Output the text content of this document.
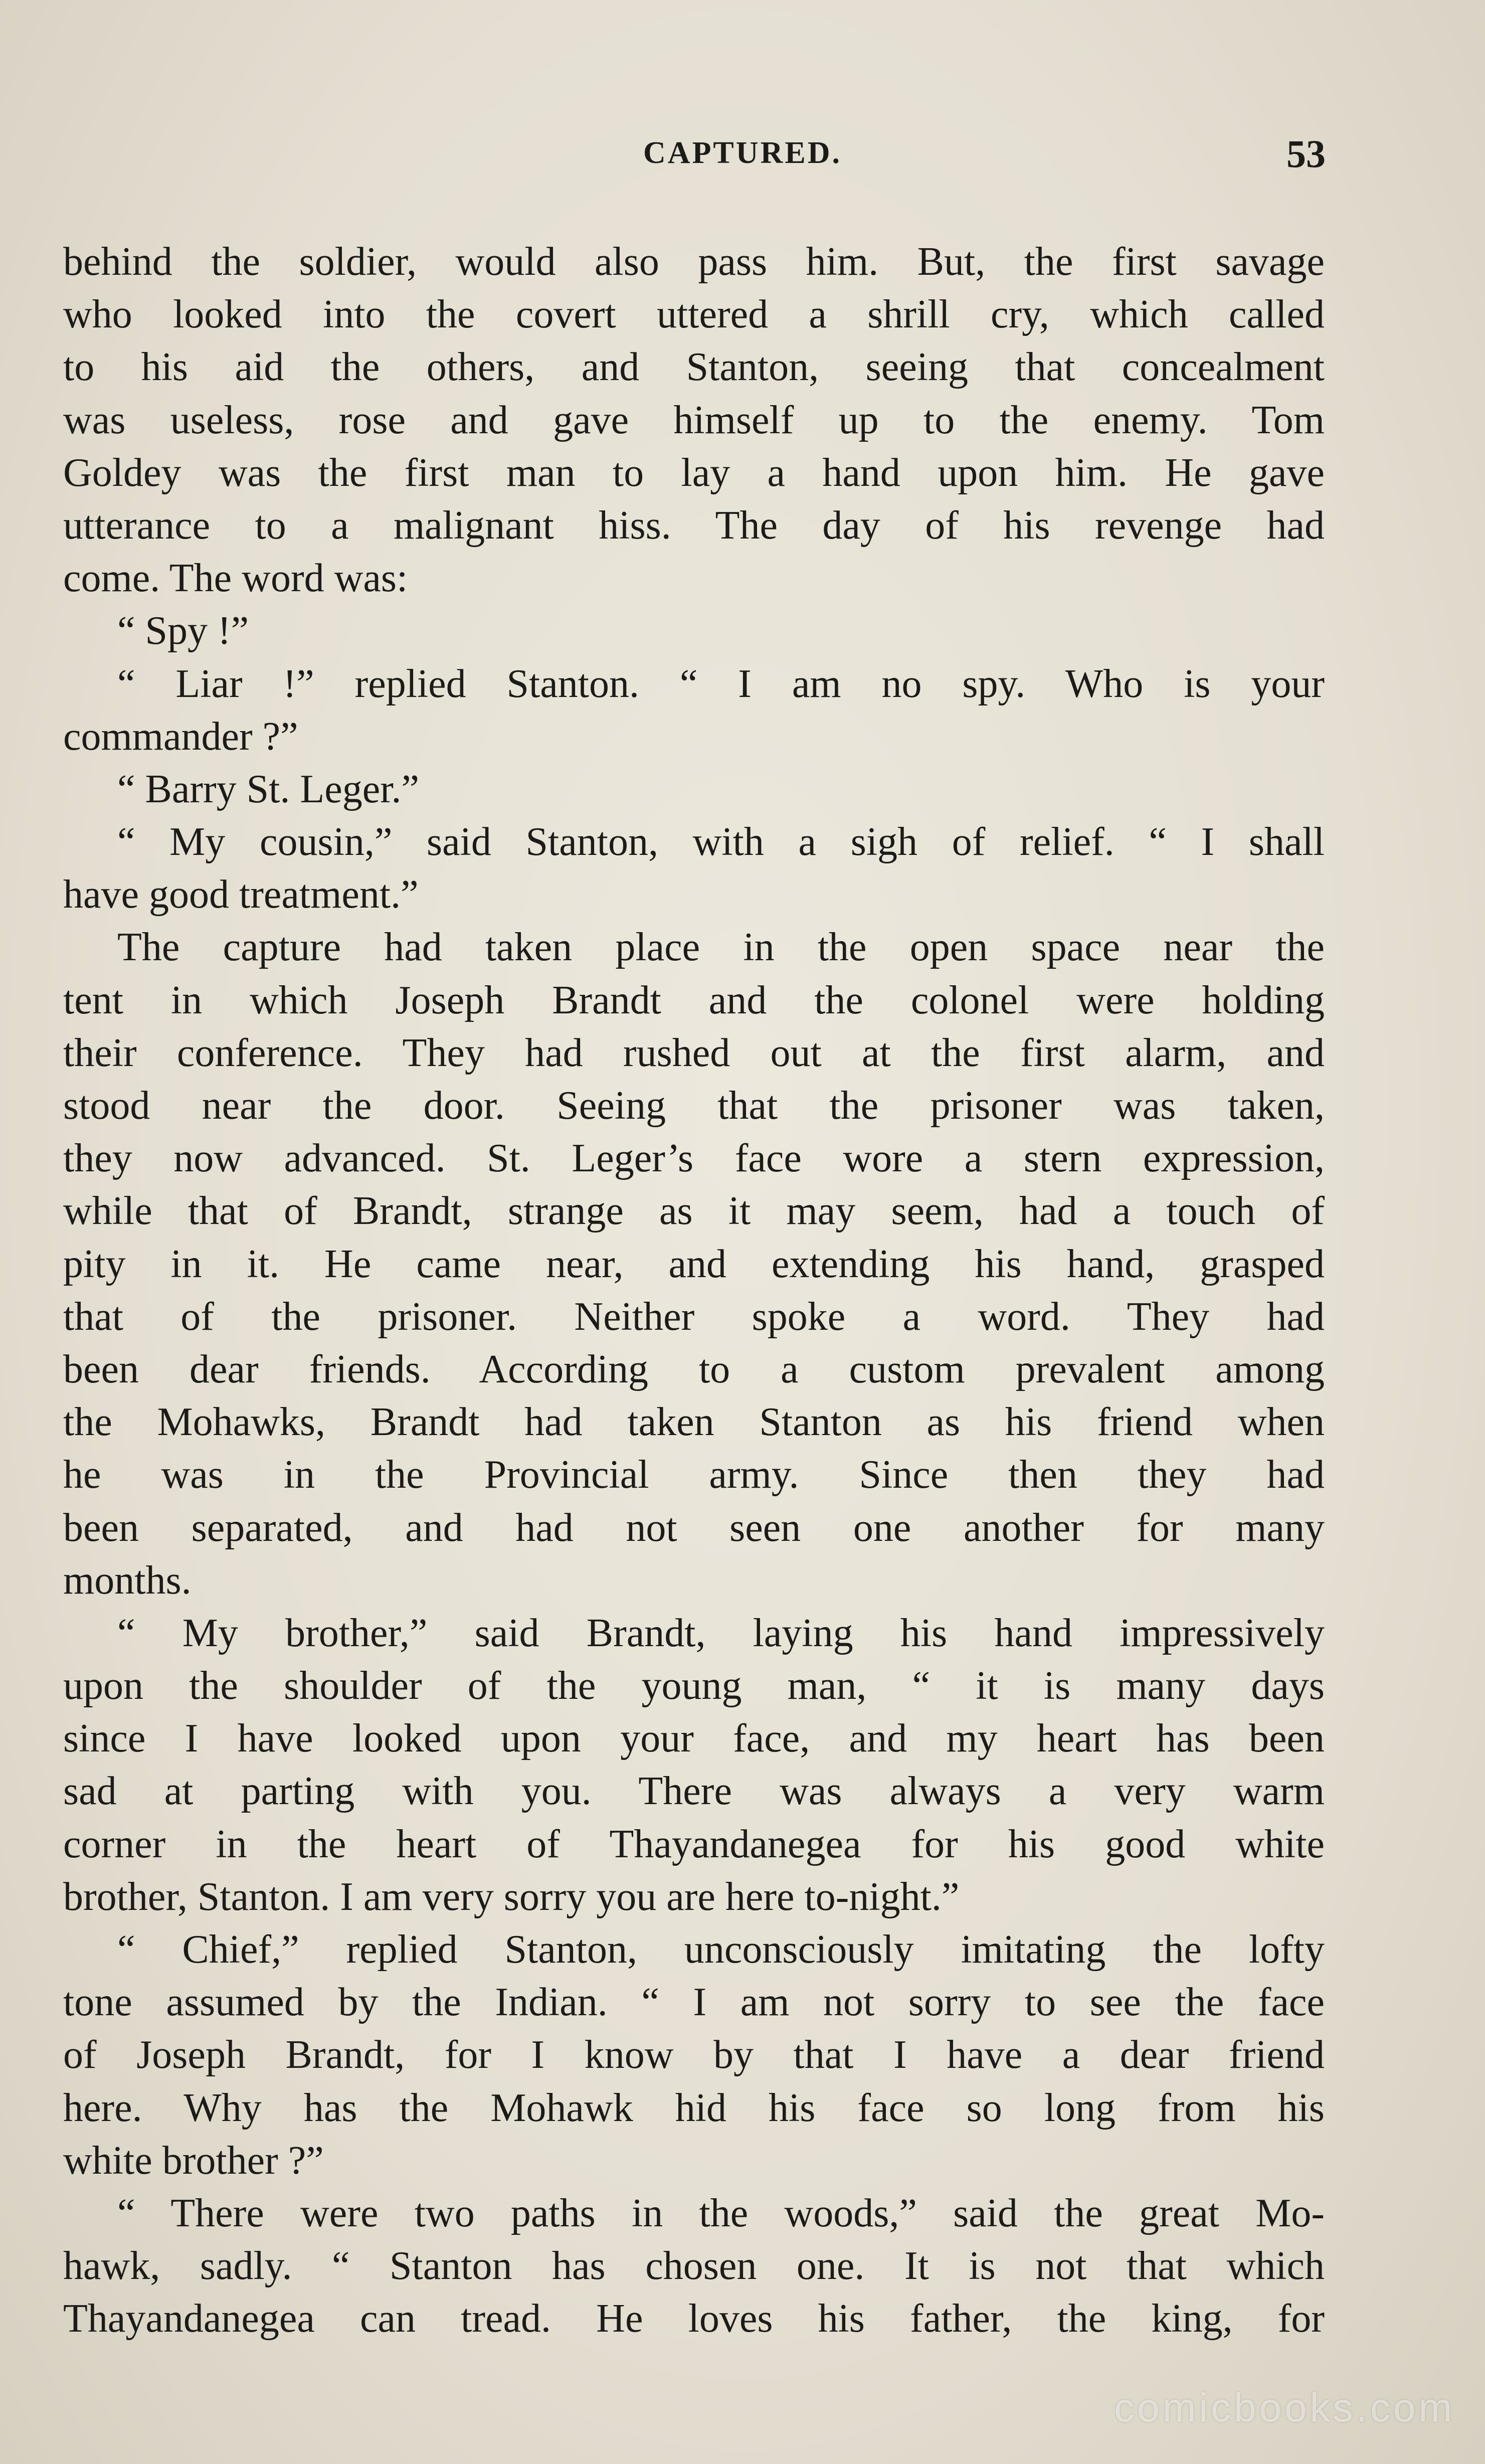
CAPTURED.	53
behind the soldier, would also pass him. But, the first savage
who looked into the covert uttered a shrill cry, which called
to his aid the others, and Stanton, seeing that concealment
was useless, rose and gave himself up to the enemy. Tom
Goldey was the first man to lay a hand upon him. He gave
utterance to a malignant hiss. The day of his revenge had
come. The word was:
“ Spy !”
“ Liar !” replied Stanton. “ I am no spy. Who is your
commander ?”
“ Barry St. Leger.”
“ My cousin,” said Stanton, with a sigh of relief. “ I shall
have good treatment.”
The capture had taken place in the open space near the
tent in which Joseph Brandt and the colonel were holding
their conference. They had rushed out at the first alarm, and
stood near the door. Seeing that the prisoner was taken,
they now advanced. St. Leger’s face wore a stern expression,
while that of Brandt, strange as it may seem, had a touch of
pity in it. He came near, and extending his hand, grasped
that of the prisoner. Neither spoke a word. They had
been dear friends. According to a custom prevalent among
the Mohawks, Brandt had taken Stanton as his friend when
he was in the Provincial army. Since then they had
been separated, and had not seen one another for many
months.
“ My brother,” said Brandt, laying his hand impressively
upon the shoulder of the young man, “ it is many days
since I have looked upon your face, and my heart has been
sad at parting with you. There was always a very warm
corner in the heart of Thayandanegea for his good white
brother, Stanton. I am very sorry you are here to-night.”
“ Chief,” replied Stanton, unconsciously imitating the lofty
tone assumed by the Indian. “ I am not sorry to see the face
of Joseph Brandt, for I know by that I have a dear friend
here. Why has the Mohawk hid his face so long from his
white brother ?”
“ There were two paths in the woods,” said the great Mo-
hawk, sadly. “ Stanton has chosen one. It is not that which
Thayandanegea can tread. He loves his father, the king, for
comicbooks.com
